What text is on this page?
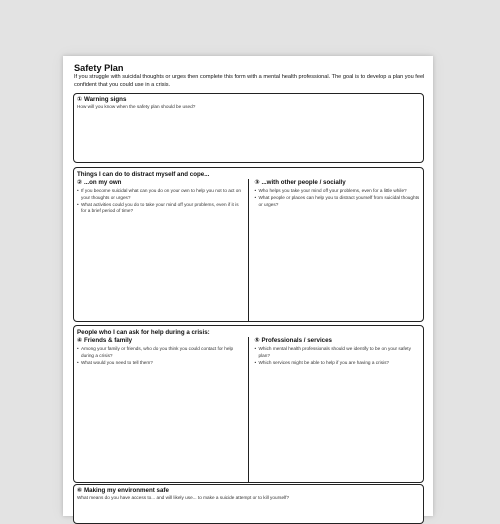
Safety Plan

If you struggle with suicidal thoughts or urges then complete this form with a mental health professional. The goal is to develop a plan you feel confident that you could use in a crisis.

① Warning signs

How will you know when the safety plan should be used?

Things I can do to distract myself and cope...

② ...on my own

• If you become suicidal what can you do on your own to help you not to act on your thoughts or urges?
• What activities could you do to take your mind off your problems, even if it is for a brief period of time?

③ ...with other people / socially

• Who helps you take your mind off your problems, even for a little while?
• What people or places can help you to distract yourself from suicidal thoughts or urges?

People who I can ask for help during a crisis:

④ Friends & family

• Among your family or friends, who do you think you could contact for help during a crisis?
• What would you need to tell them?

⑤ Professionals / services

• Which mental health professionals should we identify to be on your safety plan?
• Which services might be able to help if you are having a crisis?

⑥ Making my environment safe

What means do you have access to... and will likely use... to make a suicide attempt or to kill yourself?
